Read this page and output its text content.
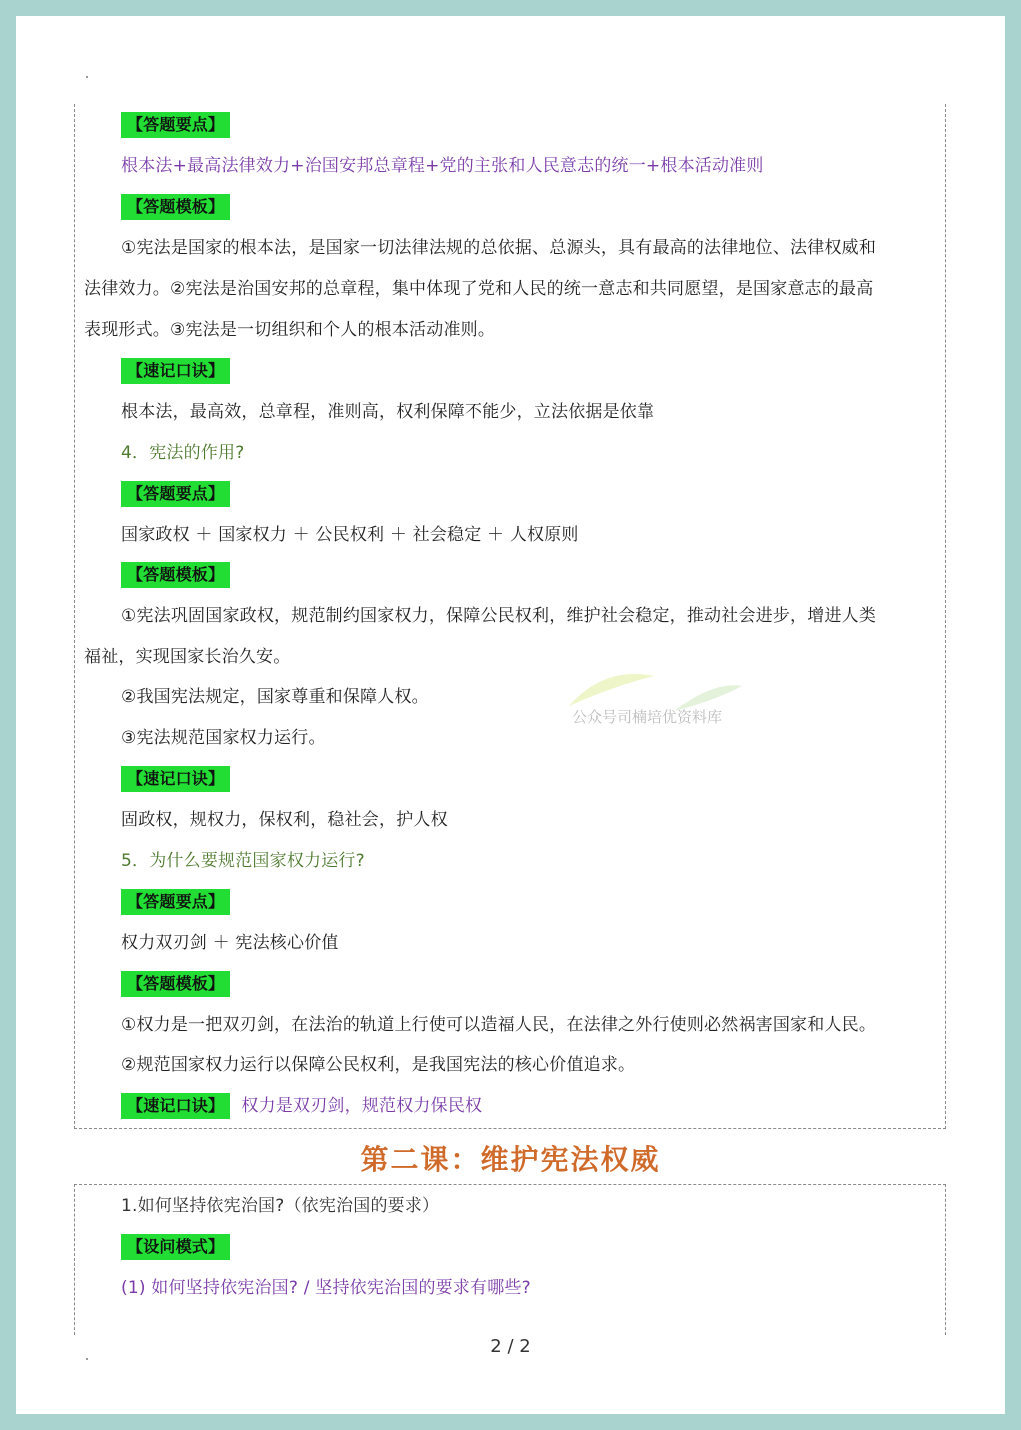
【答题要点】
根本法+最高法律效力+治国安邦总章程+党的主张和人民意志的统一+根本活动准则
【答题模板】
①宪法是国家的根本法，是国家一切法律法规的总依据、总源头，具有最高的法律地位、法律权威和
法律效力。②宪法是治国安邦的总章程，集中体现了党和人民的统一意志和共同愿望，是国家意志的最高
表现形式。③宪法是一切组织和个人的根本活动准则。
【速记口诀】
根本法，最高效，总章程，准则高，权利保障不能少，立法依据是依靠
4．宪法的作用?
【答题要点】
国家政权 ＋ 国家权力 ＋ 公民权利 ＋ 社会稳定 ＋ 人权原则
【答题模板】
①宪法巩固国家政权，规范制约国家权力，保障公民权利，维护社会稳定，推动社会进步，增进人类
福祉，实现国家长治久安。
②我国宪法规定，国家尊重和保障人权。
③宪法规范国家权力运行。
【速记口诀】
固政权，规权力，保权利，稳社会，护人权
5．为什么要规范国家权力运行?
【答题要点】
权力双刃剑 ＋ 宪法核心价值
【答题模板】
①权力是一把双刃剑，在法治的轨道上行使可以造福人民，在法律之外行使则必然祸害国家和人民。
②规范国家权力运行以保障公民权利，是我国宪法的核心价值追求。
【速记口诀】 权力是双刃剑，规范权力保民权
第二课：维护宪法权威
1.如何坚持依宪治国?（依宪治国的要求）
【设问模式】
(1) 如何坚持依宪治国? / 坚持依宪治国的要求有哪些?
公众号司楠培优资料库
2 / 2
